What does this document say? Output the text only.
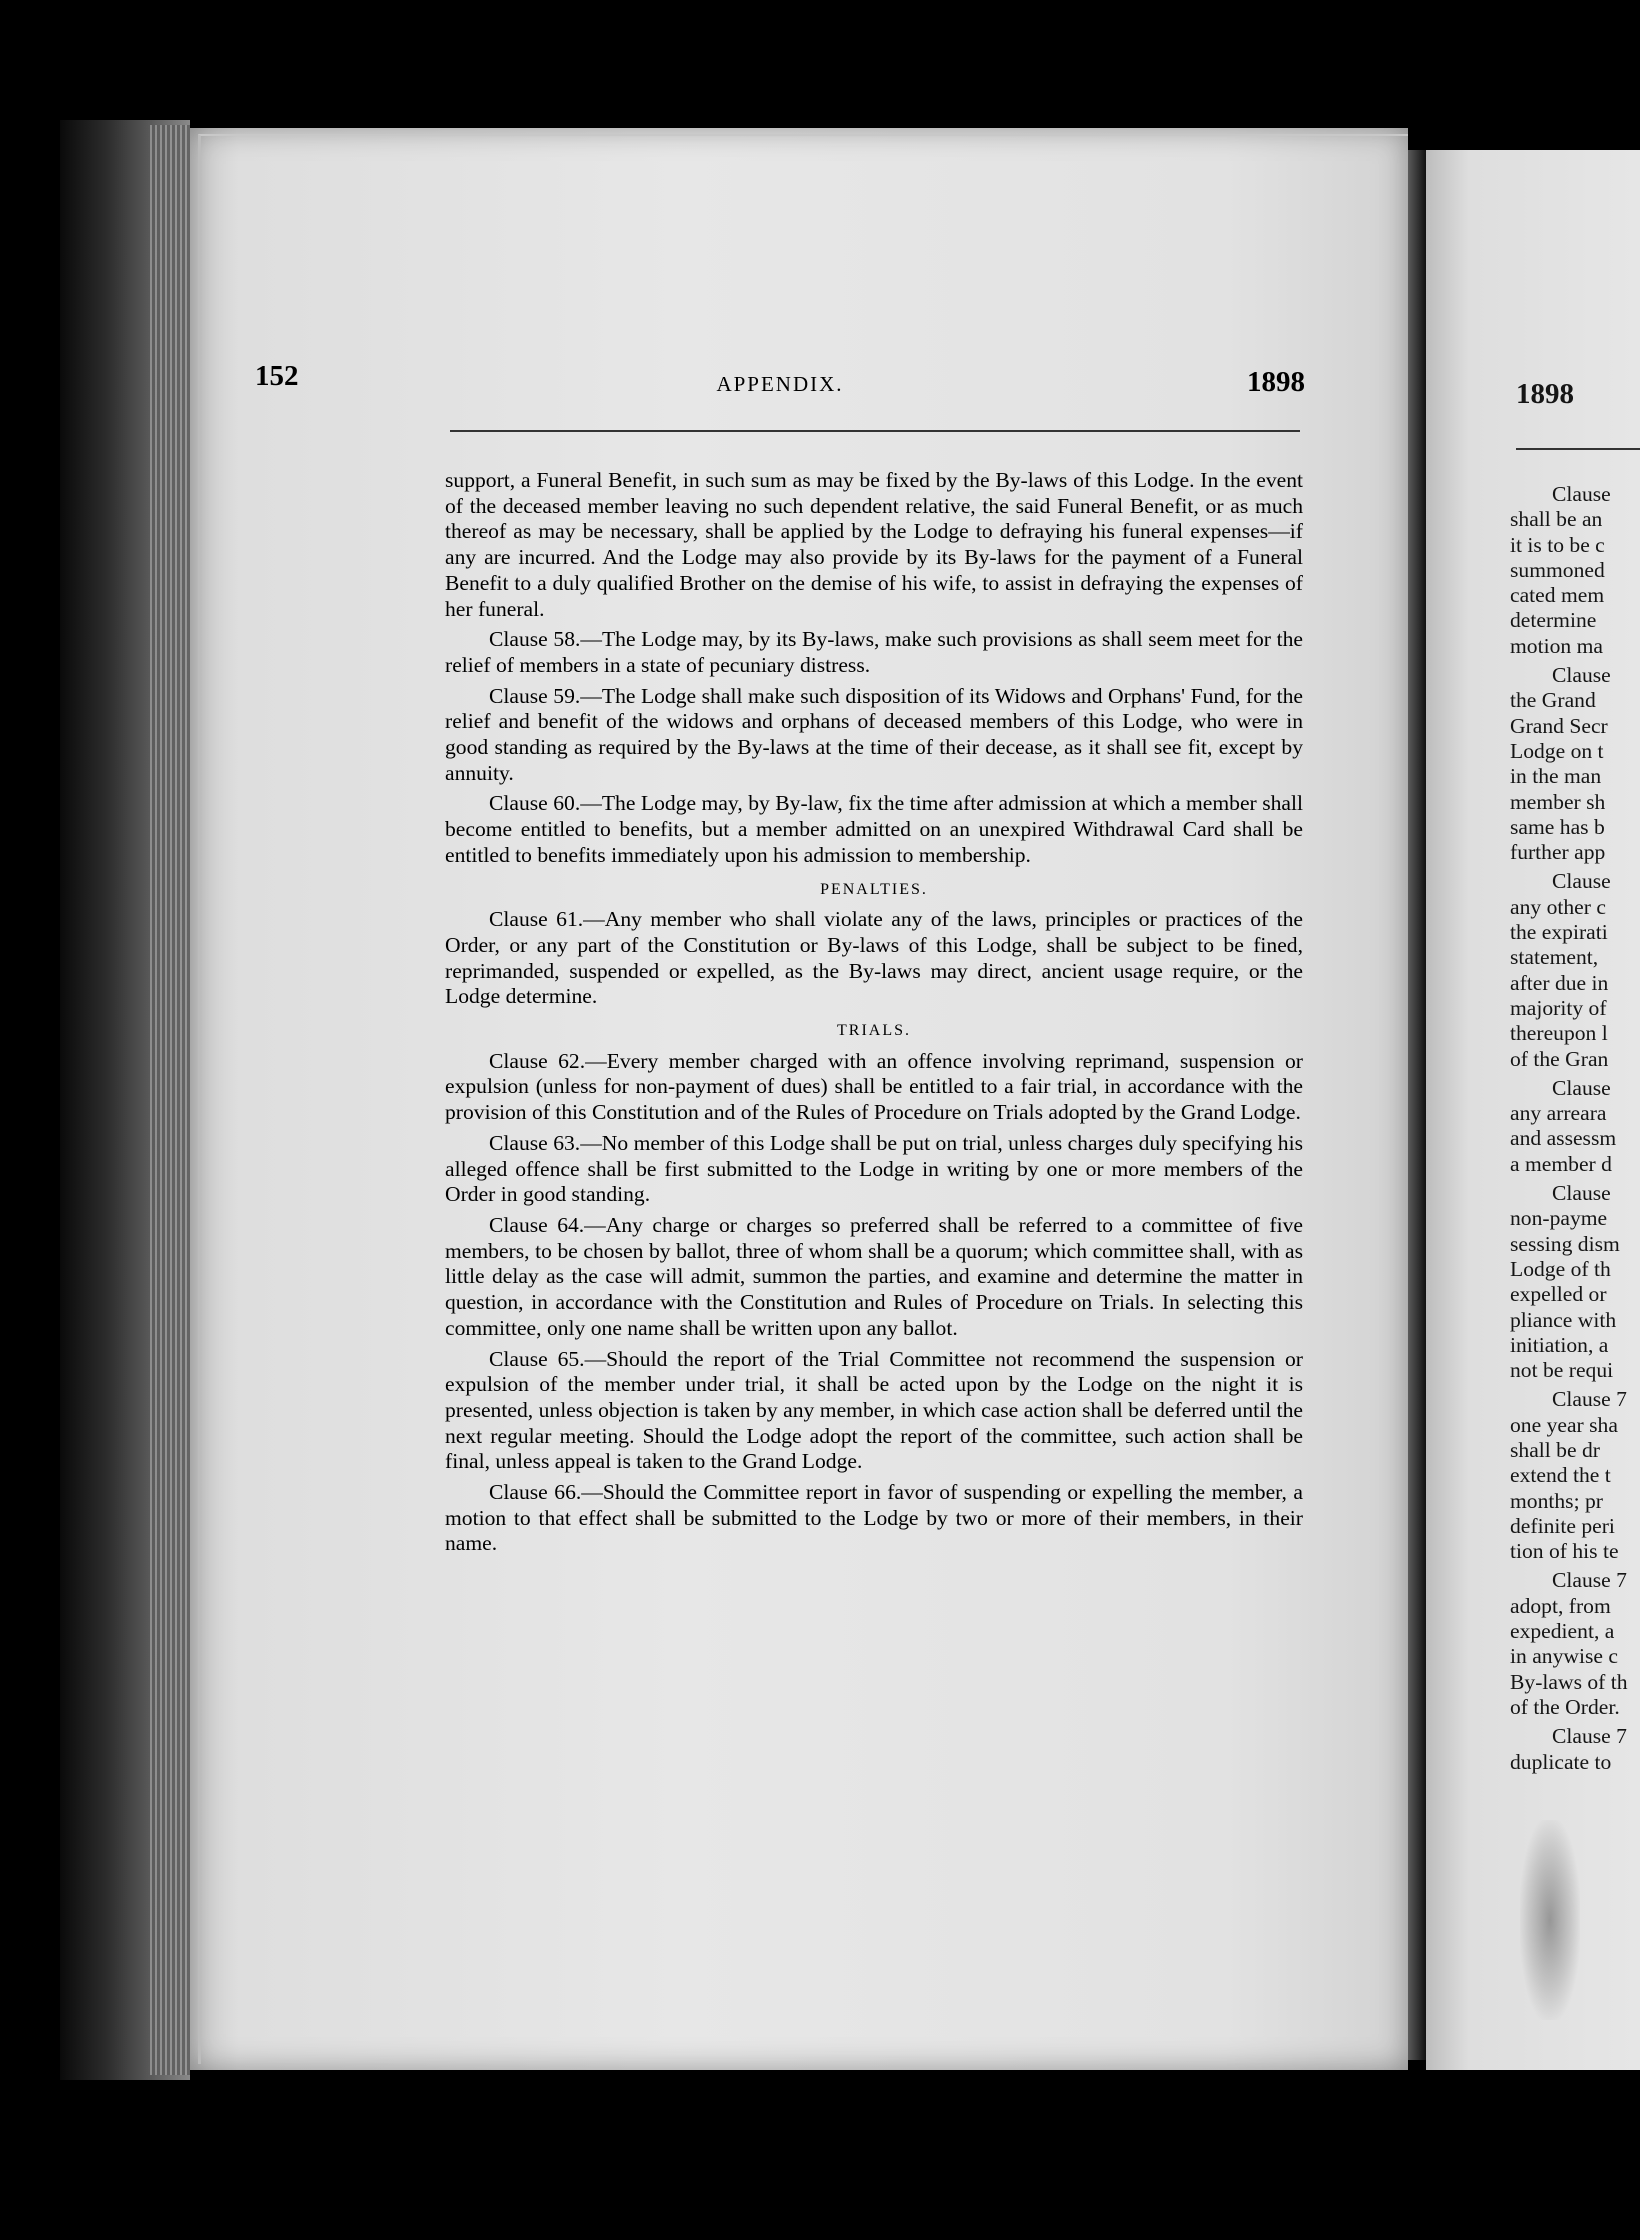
152	APPENDIX.	1898

support, a Funeral Benefit, in such sum as may be fixed by the By-laws of this Lodge. In the event of the deceased member leaving no such dependent relative, the said Funeral Benefit, or as much thereof as may be necessary, shall be applied by the Lodge to defraying his funeral expenses—if any are incurred. And the Lodge may also provide by its By-laws for the payment of a Funeral Benefit to a duly qualified Brother on the demise of his wife, to assist in defraying the expenses of her funeral.

Clause 58.—The Lodge may, by its By-laws, make such provisions as shall seem meet for the relief of members in a state of pecuniary distress.

Clause 59.—The Lodge shall make such disposition of its Widows and Orphans' Fund, for the relief and benefit of the widows and orphans of deceased members of this Lodge, who were in good standing as required by the By-laws at the time of their decease, as it shall see fit, except by annuity.

Clause 60.—The Lodge may, by By-law, fix the time after admission at which a member shall become entitled to benefits, but a member admitted on an unexpired Withdrawal Card shall be entitled to benefits immediately upon his admission to membership.

PENALTIES.

Clause 61.—Any member who shall violate any of the laws, principles or practices of the Order, or any part of the Constitution or By-laws of this Lodge, shall be subject to be fined, reprimanded, suspended or expelled, as the By-laws may direct, ancient usage require, or the Lodge determine.

TRIALS.

Clause 62.—Every member charged with an offence involving reprimand, suspension or expulsion (unless for non-payment of dues) shall be entitled to a fair trial, in accordance with the provision of this Constitution and of the Rules of Procedure on Trials adopted by the Grand Lodge.

Clause 63.—No member of this Lodge shall be put on trial, unless charges duly specifying his alleged offence shall be first submitted to the Lodge in writing by one or more members of the Order in good standing.

Clause 64.—Any charge or charges so preferred shall be referred to a committee of five members, to be chosen by ballot, three of whom shall be a quorum; which committee shall, with as little delay as the case will admit, summon the parties, and examine and determine the matter in question, in accordance with the Constitution and Rules of Procedure on Trials. In selecting this committee, only one name shall be written upon any ballot.

Clause 65.—Should the report of the Trial Committee not recommend the suspension or expulsion of the member under trial, it shall be acted upon by the Lodge on the night it is presented, unless objection is taken by any member, in which case action shall be deferred until the next regular meeting. Should the Lodge adopt the report of the committee, such action shall be final, unless appeal is taken to the Grand Lodge.

Clause 66.—Should the Committee report in favor of suspending or expelling the member, a motion to that effect shall be submitted to the Lodge by two or more of their members, in their name.

1898
Clause
shall be an
it is to be c
summoned
cated mem
determine
motion ma
Clause
the Grand
Grand Secr
Lodge on t
in the man
member sh
same has b
further app
Clause
any other c
the expirati
statement,
after due in
majority of
thereupon l
of the Gran
Clause
any arreara
and assessm
a member d
Clause
non-payme
sessing dism
Lodge of th
expelled or
pliance with
initiation, a
not be requi
Clause 7
one year sha
shall be dr
extend the t
months; pr
definite peri
tion of his te
Clause 7
adopt, from
expedient, a
in anywise c
By-laws of th
of the Order.
Clause 7
duplicate to
